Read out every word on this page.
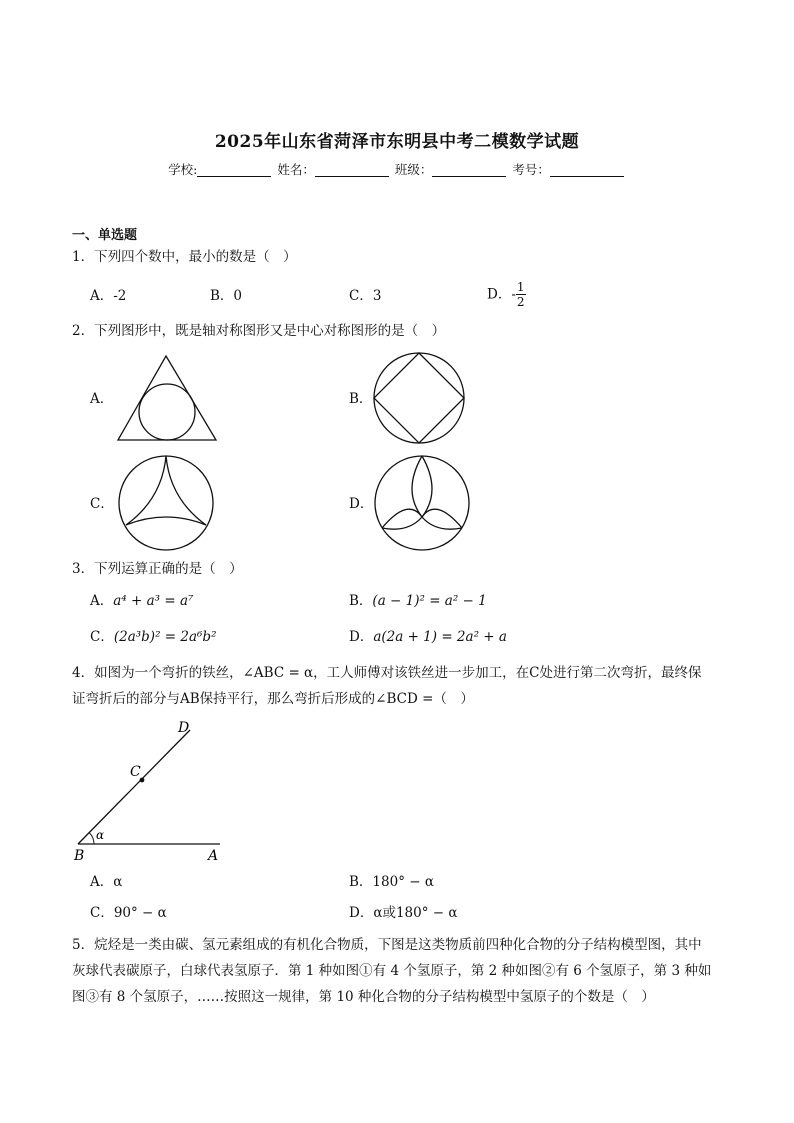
2025年山东省菏泽市东明县中考二模数学试题
学校:	姓名：	班级：	考号：
一、单选题
1．下列四个数中，最小的数是（　）
A．-2	B．0	C．3	D．- $\frac{1}{2}$
2．下列图形中，既是轴对称图形又是中心对称图形的是（　）
A．	B．
C．	D．
3．下列运算正确的是（　）
A．a⁴ + a³ = a⁷	B．(a − 1)² = a² − 1
C．(2a³b)² = 2a⁶b²	D．a(2a + 1) = 2a² + a
4．如图为一个弯折的铁丝，∠ABC = α，工人师傅对该铁丝进一步加工，在C处进行第二次弯折，最终保
证弯折后的部分与AB保持平行，那么弯折后形成的∠BCD =（　）
D
C
B	A
α
A．α	B．180° − α
C．90° − α	D．α或180° − α
5．烷烃是一类由碳、氢元素组成的有机化合物质，下图是这类物质前四种化合物的分子结构模型图，其中
灰球代表碳原子，白球代表氢原子．第 1 种如图①有 4 个氢原子，第 2 种如图②有 6 个氢原子，第 3 种如
图③有 8 个氢原子，……按照这一规律，第 10 种化合物的分子结构模型中氢原子的个数是（　）
